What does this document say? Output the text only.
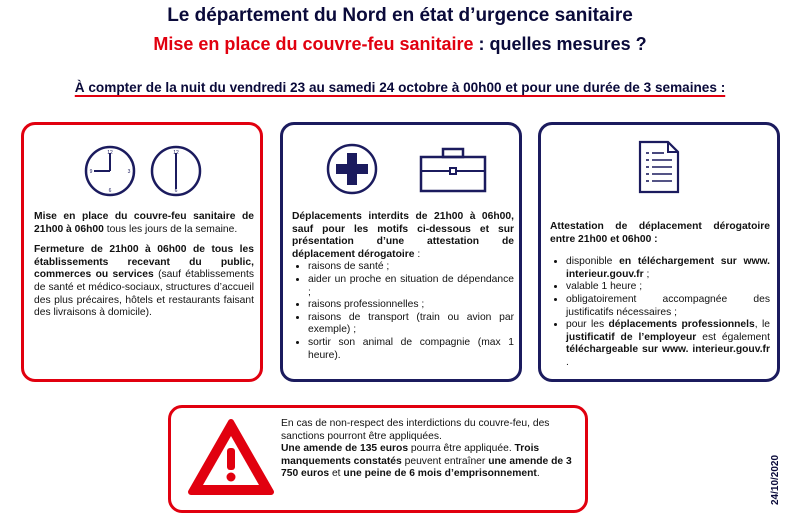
Le département du Nord en état d’urgence sanitaire
Mise en place du couvre-feu sanitaire : quelles mesures ?
À compter de la nuit du vendredi 23 au samedi 24 octobre à 00h00 et pour une durée de 3 semaines :
12
3
6
9
12
6

Mise en place du couvre-feu sanitaire de 21h00 à 06h00 tous les jours de la semaine.

Fermeture de 21h00 à 06h00 de tous les établissements recevant du public, commerces ou services (sauf établissements de santé et médico-sociaux, structures d’accueil des plus précaires, hôtels et restaurants faisant des livraisons à domicile).

Déplacements interdits de 21h00 à 06h00, sauf pour les motifs ci-dessous et sur présentation d’une attestation de déplacement dérogatoire :

• raisons de santé ;
• aider un proche en situation de dépendance ;
• raisons professionnelles ;
• raisons de transport (train ou avion par exemple) ;
• sortir son animal de compagnie (max 1 heure).

Attestation de déplacement dérogatoire entre 21h00 et 06h00 :

• disponible en téléchargement sur www. interieur.gouv.fr ;
• valable 1 heure ;
• obligatoirement accompagnée des justificatifs nécessaires ;
• pour les déplacements professionnels, le justificatif de l’employeur est également téléchargeable sur www. interieur.gouv.fr .

En cas de non-respect des interdictions du couvre-feu, des sanctions pourront être appliquées.

Une amende de 135 euros pourra être appliquée. Trois manquements constatés peuvent entraîner une amende de 3 750 euros et une peine de 6 mois d’emprisonnement.	24/10/2020
